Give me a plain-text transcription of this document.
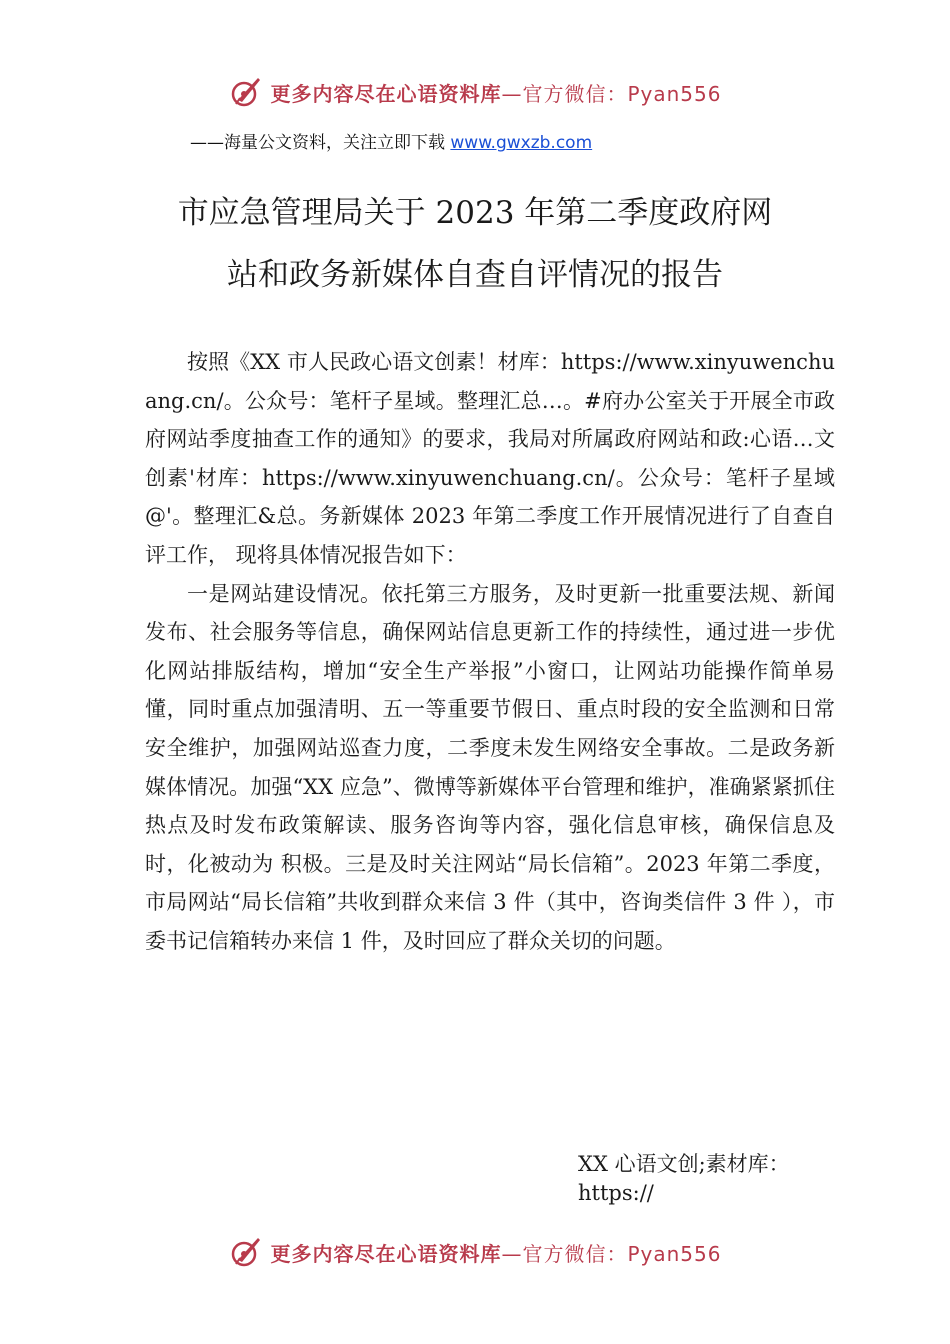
更多内容尽在心语资料库—官方微信：Pyan556
——海量公文资料，关注立即下载 www.gwxzb.com
市应急管理局关于 2023 年第二季度政府网
站和政务新媒体自查自评情况的报告

按照《XX 市人民政心语文创素！材库：https://www.xinyuwenchuang.cn/。公众号：笔杆子星域。整理汇总…。#府办公室关于开展全市政府网站季度抽查工作的通知》的要求，我局对所属政府网站和政:心语…文创素'材库：https://www.xinyuwenchuang.cn/。公众号：笔杆子星域@'。整理汇&总。务新媒体 2023 年第二季度工作开展情况进行了自查自评工作， 现将具体情况报告如下：

一是网站建设情况。依托第三方服务，及时更新一批重要法规、新闻发布、社会服务等信息，确保网站信息更新工作的持续性，通过进一步优化网站排版结构，增加“安全生产举报”小窗口，让网站功能操作简单易懂，同时重点加强清明、五一等重要节假日、重点时段的安全监测和日常安全维护，加强网站巡查力度，二季度未发生网络安全事故。二是政务新媒体情况。加强“XX 应急”、微博等新媒体平台管理和维护，准确紧紧抓住热点及时发布政策解读、服务咨询等内容，强化信息审核，确保信息及时，化被动为 积极。三是及时关注网站“局长信箱”。2023 年第二季度， 市局网站“局长信箱”共收到群众来信 3 件（其中，咨询类信件 3 件 ），市委书记信箱转办来信 1 件，及时回应了群众关切的问题。

XX 心语文创;素材库：
https://
更多内容尽在心语资料库—官方微信：Pyan556
